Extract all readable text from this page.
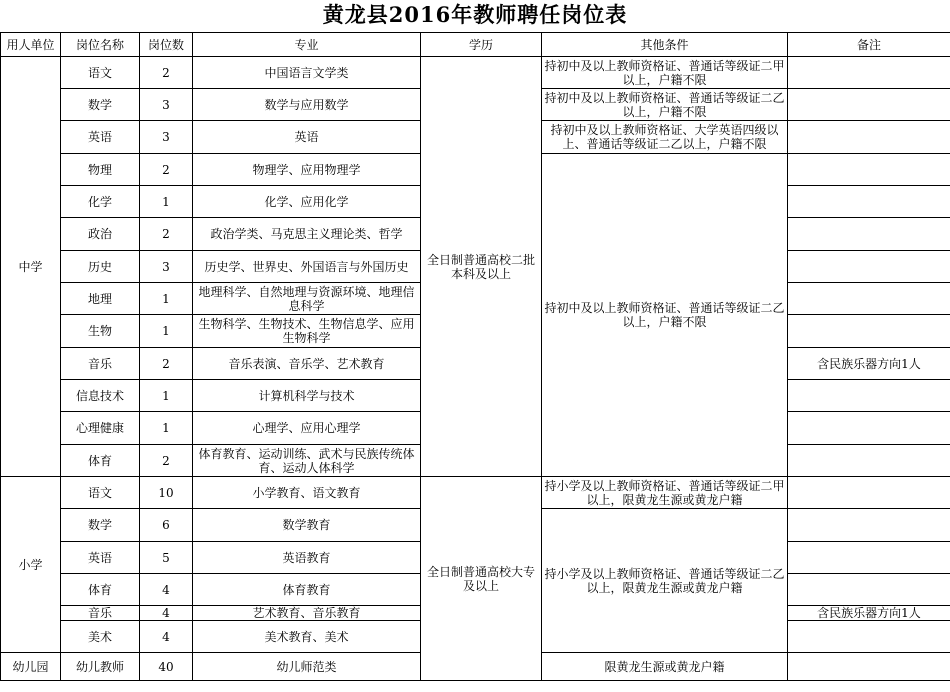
黄龙县2016年教师聘任岗位表
用人单位	岗位名称	岗位数	专业	学历	其他条件	备注
中学	语文	2	中国语言文学类	全日制普通高校二批本科及以上	持初中及以上教师资格证、普通话等级证二甲以上，户籍不限	
	数学	3	数学与应用数学		持初中及以上教师资格证、普通话等级证二乙以上，户籍不限	
	英语	3	英语		持初中及以上教师资格证、大学英语四级以上、普通话等级证二乙以上，户籍不限	
	物理	2	物理学、应用物理学		持初中及以上教师资格证、普通话等级证二乙以上，户籍不限	
	化学	1	化学、应用化学			
	政治	2	政治学类、马克思主义理论类、哲学			
	历史	3	历史学、世界史、外国语言与外国历史			
	地理	1	地理科学、自然地理与资源环境、地理信息科学			
	生物	1	生物科学、生物技术、生物信息学、应用生物科学			
	音乐	2	音乐表演、音乐学、艺术教育			含民族乐器方向1人
	信息技术	1	计算机科学与技术			
	心理健康	1	心理学、应用心理学			
	体育	2	体育教育、运动训练、武术与民族传统体育、运动人体科学			
小学	语文	10	小学教育、语文教育	全日制普通高校大专及以上	持小学及以上教师资格证、普通话等级证二甲以上，限黄龙生源或黄龙户籍	
	数学	6	数学教育		持小学及以上教师资格证、普通话等级证二乙以上，限黄龙生源或黄龙户籍	
	英语	5	英语教育			
	体育	4	体育教育			
	音乐	4	艺术教育、音乐教育			含民族乐器方向1人
	美术	4	美术教育、美术			
幼儿园	幼儿教师	40	幼儿师范类		限黄龙生源或黄龙户籍	
